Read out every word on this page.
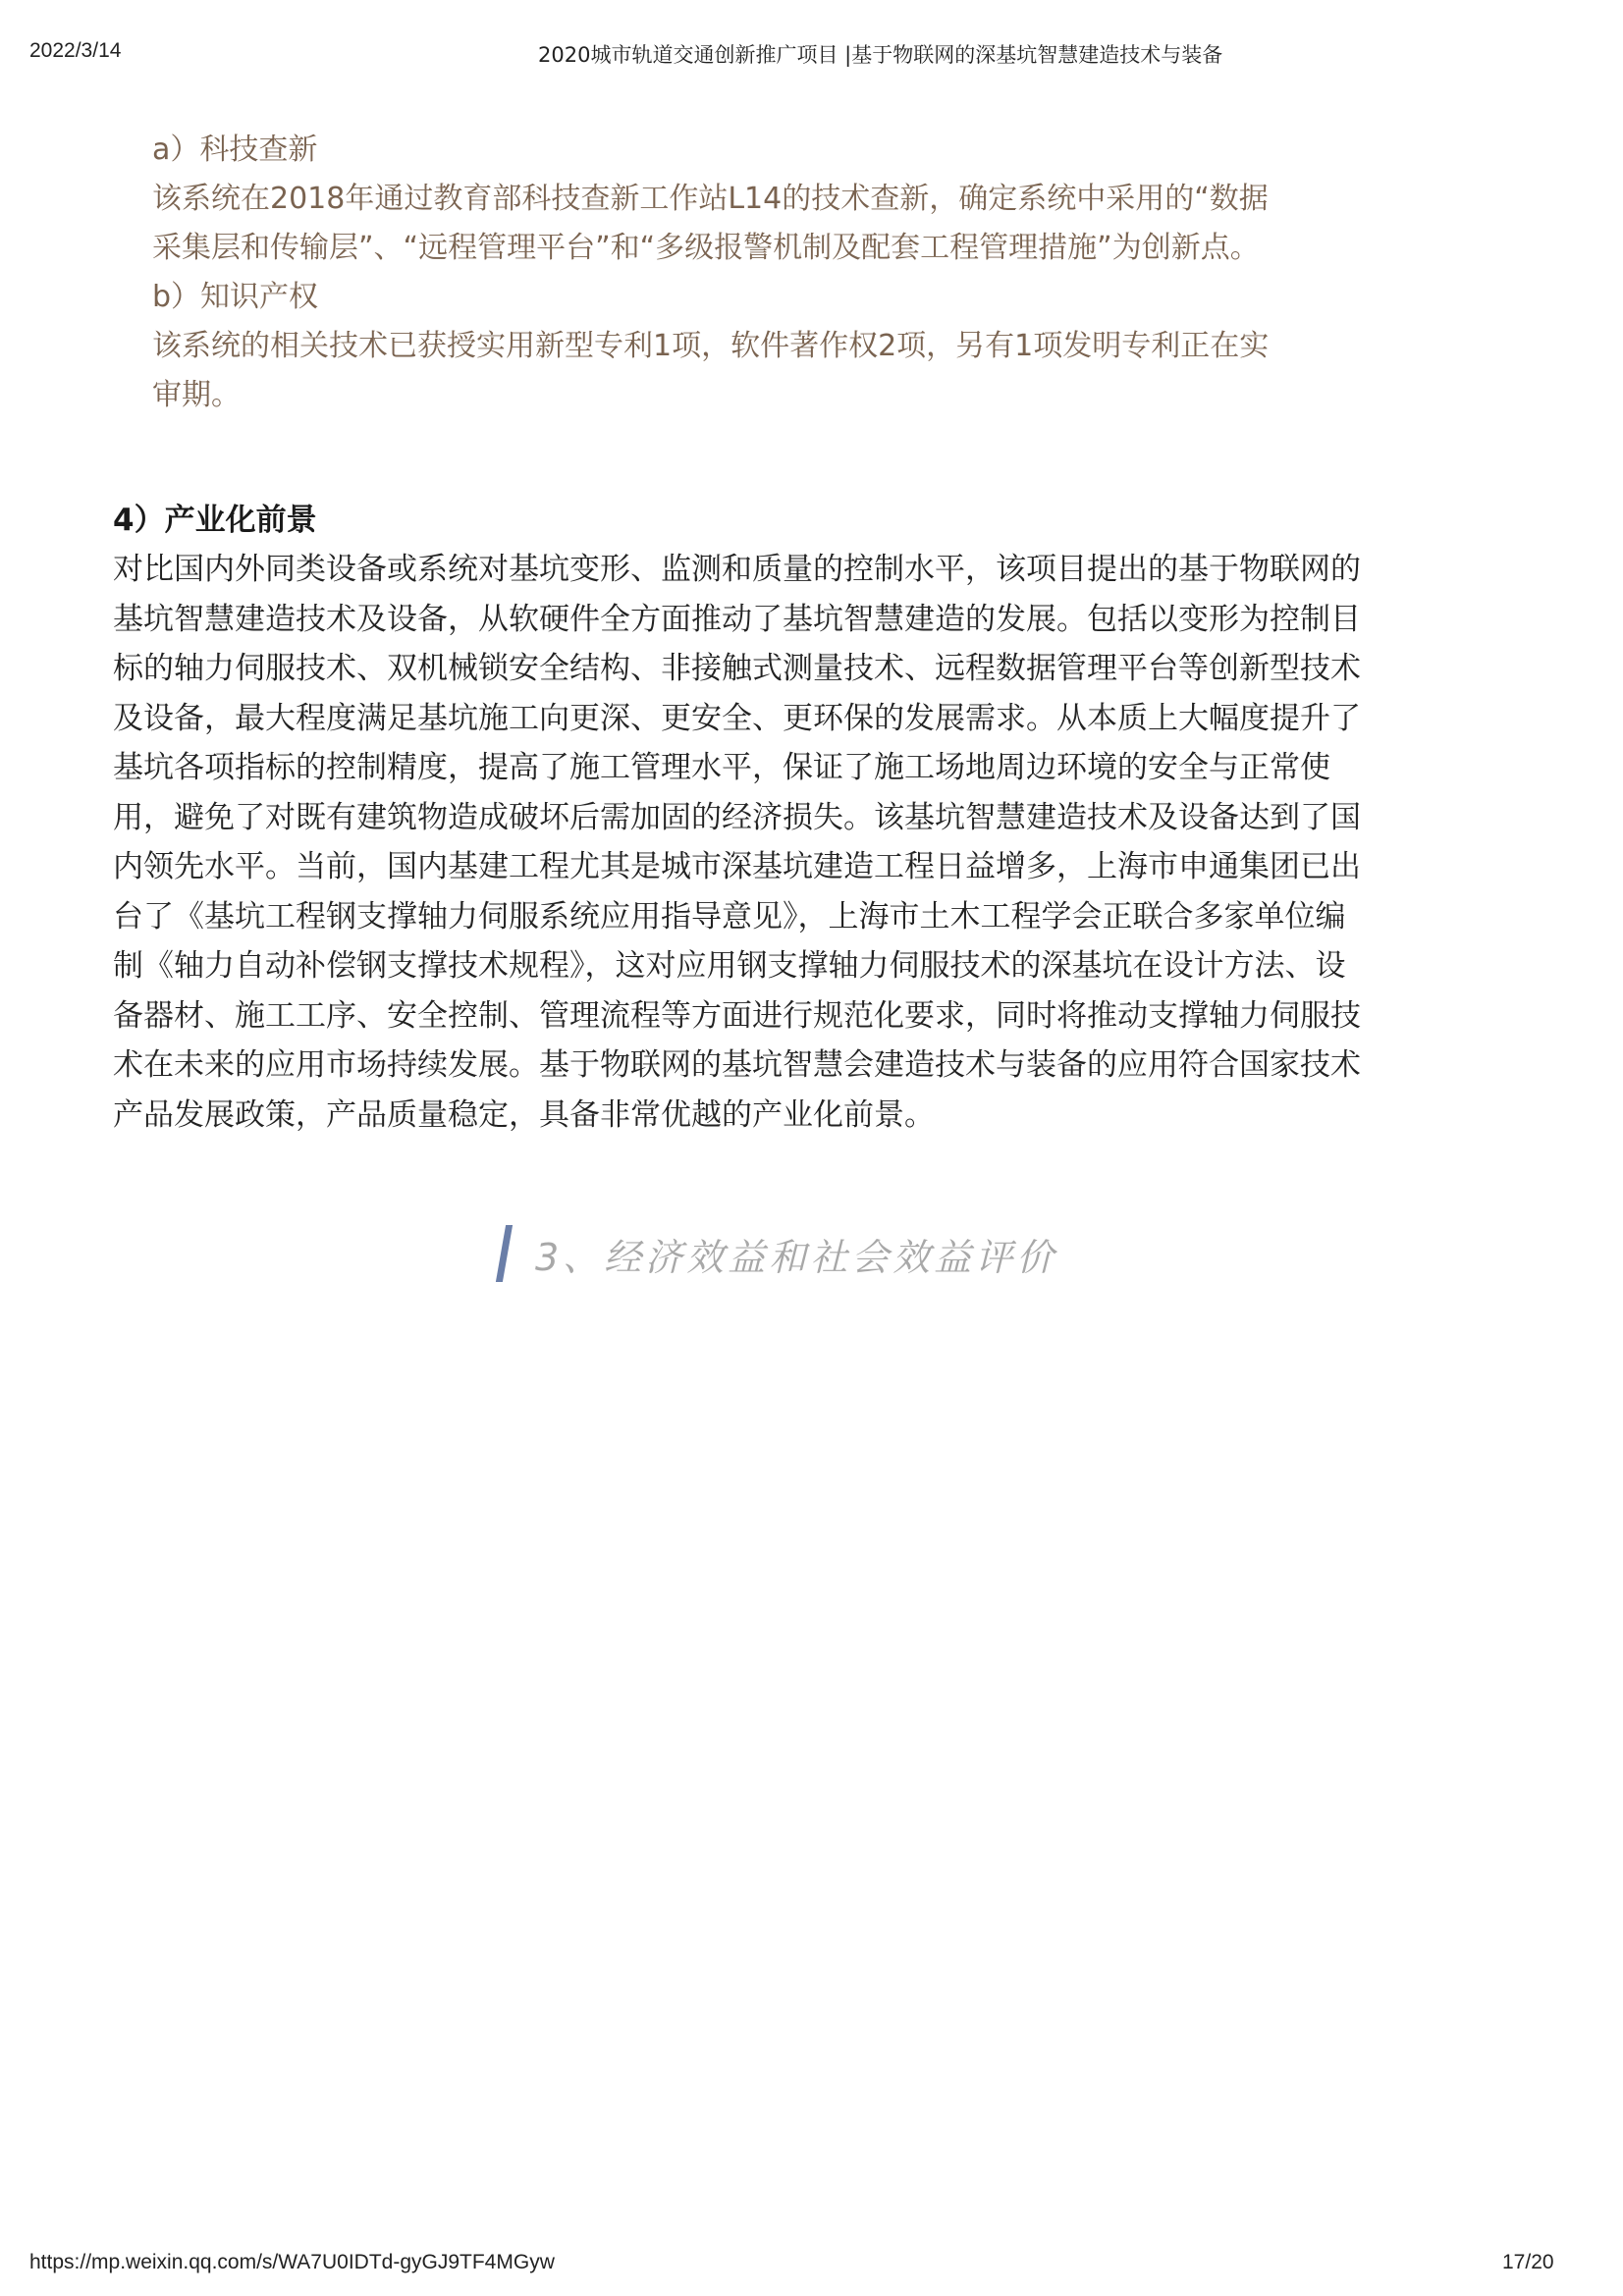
2022/3/14	2020城市轨道交通创新推广项目 |基于物联网的深基坑智慧建造技术与装备

a）科技查新

该系统在2018年通过教育部科技查新工作站L14的技术查新，确定系统中采用的“数据

采集层和传输层”、“远程管理平台”和“多级报警机制及配套工程管理措施”为创新点。

b）知识产权

该系统的相关技术已获授实用新型专利1项，软件著作权2项，另有1项发明专利正在实

审期。

4）产业化前景

对比国内外同类设备或系统对基坑变形、监测和质量的控制水平，该项目提出的基于物联网的

基坑智慧建造技术及设备，从软硬件全方面推动了基坑智慧建造的发展。包括以变形为控制目

标的轴力伺服技术、双机械锁安全结构、非接触式测量技术、远程数据管理平台等创新型技术

及设备，最大程度满足基坑施工向更深、更安全、更环保的发展需求。从本质上大幅度提升了

基坑各项指标的控制精度，提高了施工管理水平，保证了施工场地周边环境的安全与正常使

用，避免了对既有建筑物造成破坏后需加固的经济损失。该基坑智慧建造技术及设备达到了国

内领先水平。当前，国内基建工程尤其是城市深基坑建造工程日益增多，上海市申通集团已出

台了《基坑工程钢支撑轴力伺服系统应用指导意见》，上海市土木工程学会正联合多家单位编

制《轴力自动补偿钢支撑技术规程》，这对应用钢支撑轴力伺服技术的深基坑在设计方法、设

备器材、施工工序、安全控制、管理流程等方面进行规范化要求，同时将推动支撑轴力伺服技

术在未来的应用市场持续发展。基于物联网的基坑智慧会建造技术与装备的应用符合国家技术

产品发展政策，产品质量稳定，具备非常优越的产业化前景。

3、经济效益和社会效益评价
https://mp.weixin.qq.com/s/WA7U0IDTd-gyGJ9TF4MGyw	17/20
